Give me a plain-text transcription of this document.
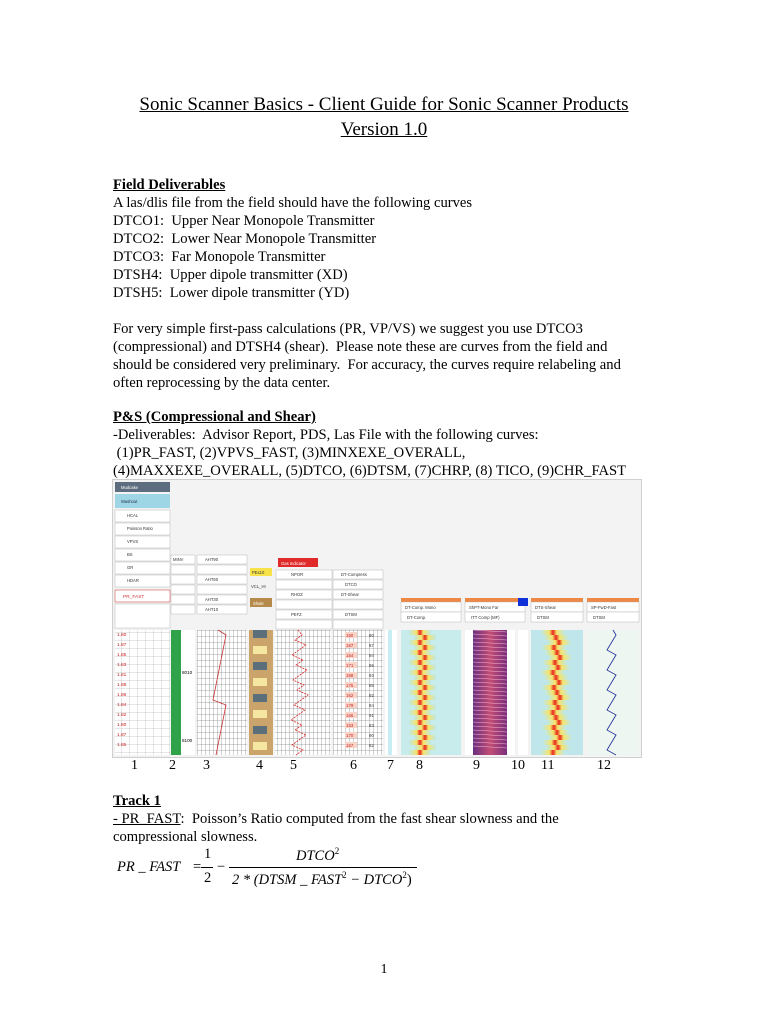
Sonic Scanner Basics - Client Guide for Sonic Scanner Products
Version 1.0
Field Deliverables
A las/dlis file from the field should have the following curves
DTCO1:  Upper Near Monopole Transmitter
DTCO2:  Lower Near Monopole Transmitter
DTCO3:  Far Monopole Transmitter
DTSH4:  Upper dipole transmitter (XD)
DTSH5:  Lower dipole transmitter (YD)
For very simple first-pass calculations (PR, VP/VS) we suggest you use DTCO3
(compressional) and DTSH4 (shear).  Please note these are curves from the field and
should be considered very preliminary.  For accuracy, the curves require relabeling and
often reprocessing by the data center.
P&S (Compressional and Shear)
-Deliverables:  Advisor Report, PDS, Las File with the following curves:
(1)PR_FAST, (2)VPVS_FAST, (3)MINXEXE_OVERALL,
(4)MAXXEXE_OVERALL, (5)DTCO, (6)DTSM, (7)CHRP, (8) TICO, (9)CHR_FAST
Mudcake
Washout
HCAL
Poisson Ratio
VPVS
BS
GR
HDAR
PR_FAST
MINV	AHT90
AHT60
AHT30
AHT10
PEx10
Shale
VCL_HI
Gas Indicator
NPOR
RHOZ
PEFZ
DT-Compress
DTCO
DT-Shear
DTSM
DT-Comp. Mono
DT-Comp.
ShPT-Mono Far
ITT Comp (MF)
DTS-Shear
DTSM
SP-FwD-Fast
DTSM
1.80
1.87
1.85
1.83
1.81
1.88
1.86
1.84
1.82
1.80
1.87
1.85
8010
8100
150	80
167	87
154	94
171	86
158	93
175	85
162	92
179	84
166	91
153	83
170	90
157	82
1 2 3	4 5	6 7 8	9 10 11	12
Track 1
- PR_FAST:  Poisson’s Ratio computed from the fast shear slowness and the
compressional slowness.
PR _ FAST =
1
2
−
$DTCO^2$
2 * (DTSM _ $FAST^2$ − $DTCO^2$)
1
